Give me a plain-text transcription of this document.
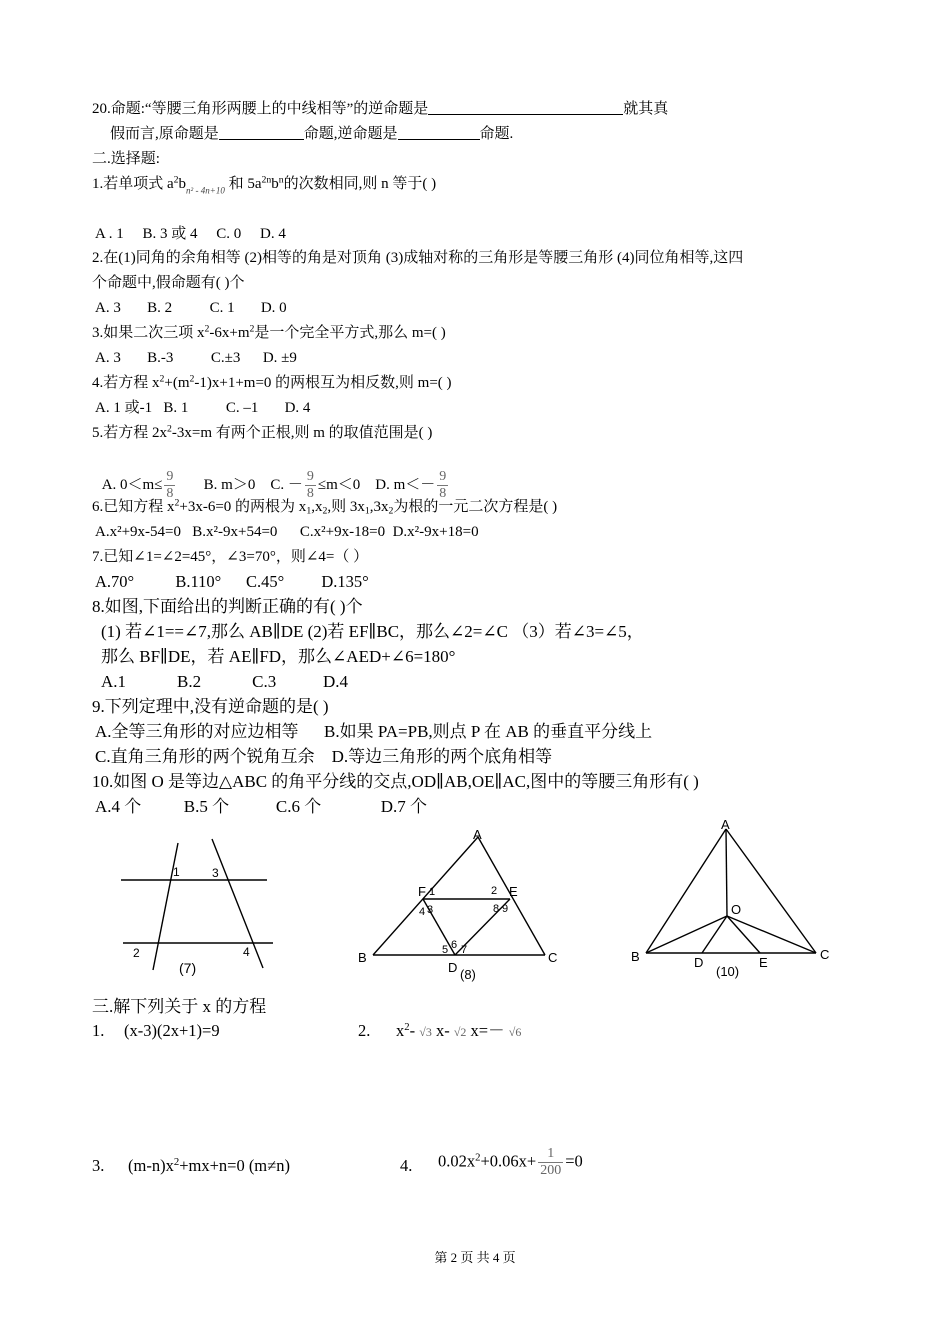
20.命题:“等腰三角形两腰上的中线相等”的逆命题是	就其真
假而言,原命题是	命题,逆命题是	命题.
二.选择题:
1.若单项式 $a^2b_{n^2 - 4n+10}$ 和 $5a^{2n}b^n$的次数相同,则 n 等于( )
A . 1     B. 3 或 4     C. 0     D. 4
2.在(1)同角的余角相等 (2)相等的角是对顶角 (3)成轴对称的三角形是等腰三角形 (4)同位角相等,这四
个命题中,假命题有( )个
A. 3       B. 2          C. 1       D. 0
3.如果二次三项 $x^2-6x+m^2$是一个完全平方式,那么 m=( )
A. 3       B.-3          C.±3      D. ±9
4.若方程 $x^2+(m^2-1)x+1+m=0$ 的两根互为相反数,则 m=( )
A. 1 或-1   B. 1          C. –1       D. 4
5.若方程 $2x^2-3x=m$ 有两个正根,则 m 的取值范围是( )

A. $0<m\le \frac{9}{8} B$. m＞0    C. － $\frac{9}{8} \le m<0$    D. $m<- \frac{9}{8}$

6.已知方程 $x^2+3x-6=0$ 的两根为 $x_1,x_2$,则 $3x_1,3x_2$为根的一元二次方程是( )
A.x²+9x-54=0   B.x²-9x+54=0      C.x²+9x-18=0  D.x²-9x+18=0
7.已知∠1=∠2=45°，∠3=70°，则∠4=（ ）
A.70°          B.110°      C.45°         D.135°
8.如图,下面给出的判断正确的有( )个
(1) 若∠1==∠7,那么 AB∥DE (2)若 EF∥BC，那么∠2=∠C （3）若∠3=∠5，
那么 BF∥DE，若 AE∥FD，那么∠AED+∠6=180°
A.1            B.2            C.3           D.4
9.下列定理中,没有逆命题的是( )
A.全等三角形的对应边相等      B.如果 PA=PB,则点 P 在 AB 的垂直平分线上
C.直角三角形的两个锐角互余    D.等边三角形的两个底角相等
10.如图 O 是等边△ABC 的角平分线的交点,OD∥AB,OE∥AC,图中的等腰三角形有( )
A.4 个          B.5 个           C.6 个              D.7 个
1	3
2	4
(7)
A
B	C
D
E
F 1	2
3
4
5 6 7
8 9
(8)
A
B	C
D	E
O
(10)
三.解下列关于 x 的方程
1. (x-3)(2x+1)=9	2. $x^2-$ √3 x- √2 x=－ √6
3. $(m-n)x^2+mx+n=0$ (m≠n)	4. $0.02x^2+0.06x+ \frac{1}{200} =0$
第 2 页 共 4 页
